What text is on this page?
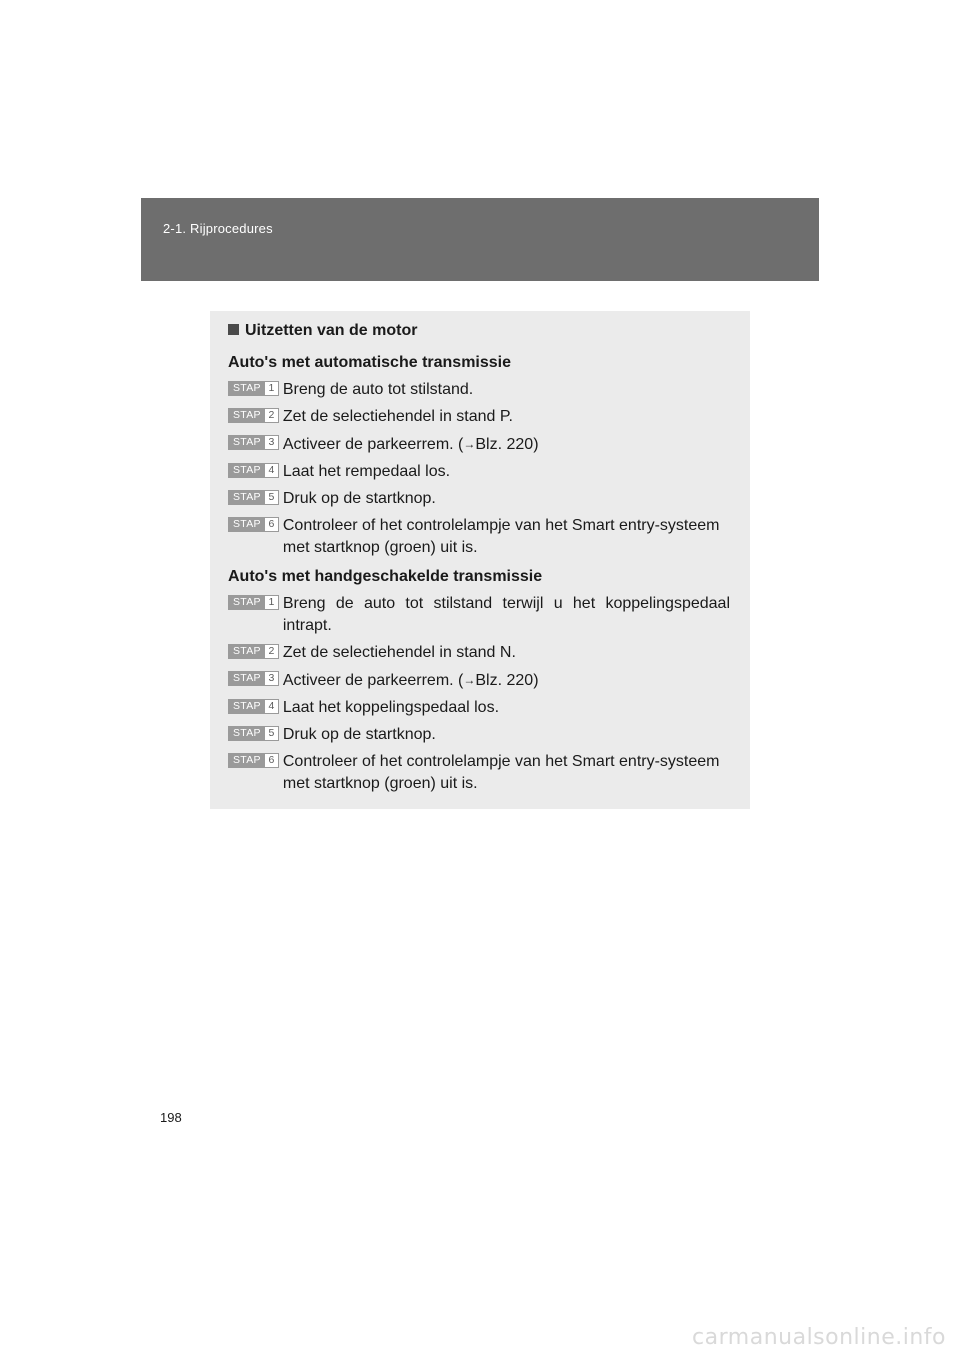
2-1. Rijprocedures
Uitzetten van de motor
Auto's met automatische transmissie
STAP 1 Breng de auto tot stilstand.
STAP 2 Zet de selectiehendel in stand P.
STAP 3 Activeer de parkeerrem. (→Blz. 220)
STAP 4 Laat het rempedaal los.
STAP 5 Druk op de startknop.
STAP 6 Controleer of het controlelampje van het Smart entry-systeem met startknop (groen) uit is.
Auto's met handgeschakelde transmissie
STAP 1 Breng de auto tot stilstand terwijl u het koppelingspedaal intrapt.
STAP 2 Zet de selectiehendel in stand N.
STAP 3 Activeer de parkeerrem. (→Blz. 220)
STAP 4 Laat het koppelingspedaal los.
STAP 5 Druk op de startknop.
STAP 6 Controleer of het controlelampje van het Smart entry-systeem met startknop (groen) uit is.
198
carmanualsonline.info
